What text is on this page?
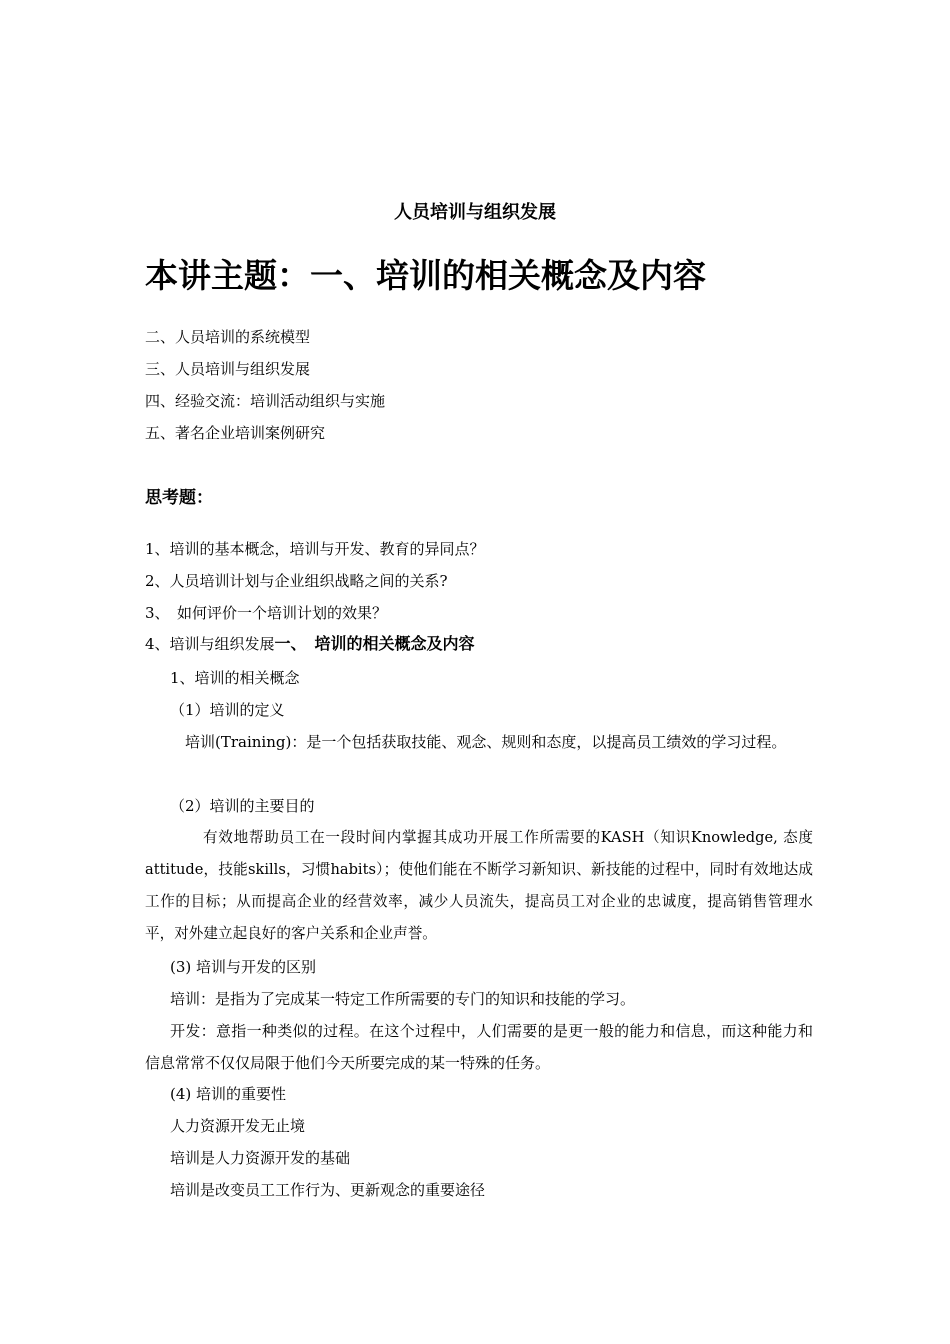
人员培训与组织发展
本讲主题：一、培训的相关概念及内容
二、人员培训的系统模型
三、人员培训与组织发展
四、经验交流：培训活动组织与实施
五、著名企业培训案例研究
思考题：
1、培训的基本概念，培训与开发、教育的异同点？
2、人员培训计划与企业组织战略之间的关系?
3、　如何评价一个培训计划的效果？
4、培训与组织发展一、　培训的相关概念及内容
1、培训的相关概念
（1）培训的定义
培训(Training)：是一个包括获取技能、观念、规则和态度，以提高员工绩效的学习过程。
（2）培训的主要目的
有效地帮助员工在一段时间内掌握其成功开展工作所需要的KASH（知识Knowledge, 态度attitude，技能skills，习惯habits）；使他们能在不断学习新知识、新技能的过程中，同时有效地达成工作的目标；从而提高企业的经营效率，减少人员流失，提高员工对企业的忠诚度，提高销售管理水平，对外建立起良好的客户关系和企业声誉。
(3) 培训与开发的区别
培训：是指为了完成某一特定工作所需要的专门的知识和技能的学习。
开发：意指一种类似的过程。在这个过程中，人们需要的是更一般的能力和信息，而这种能力和信息常常不仅仅局限于他们今天所要完成的某一特殊的任务。
(4) 培训的重要性
人力资源开发无止境
培训是人力资源开发的基础
培训是改变员工工作行为、更新观念的重要途径
